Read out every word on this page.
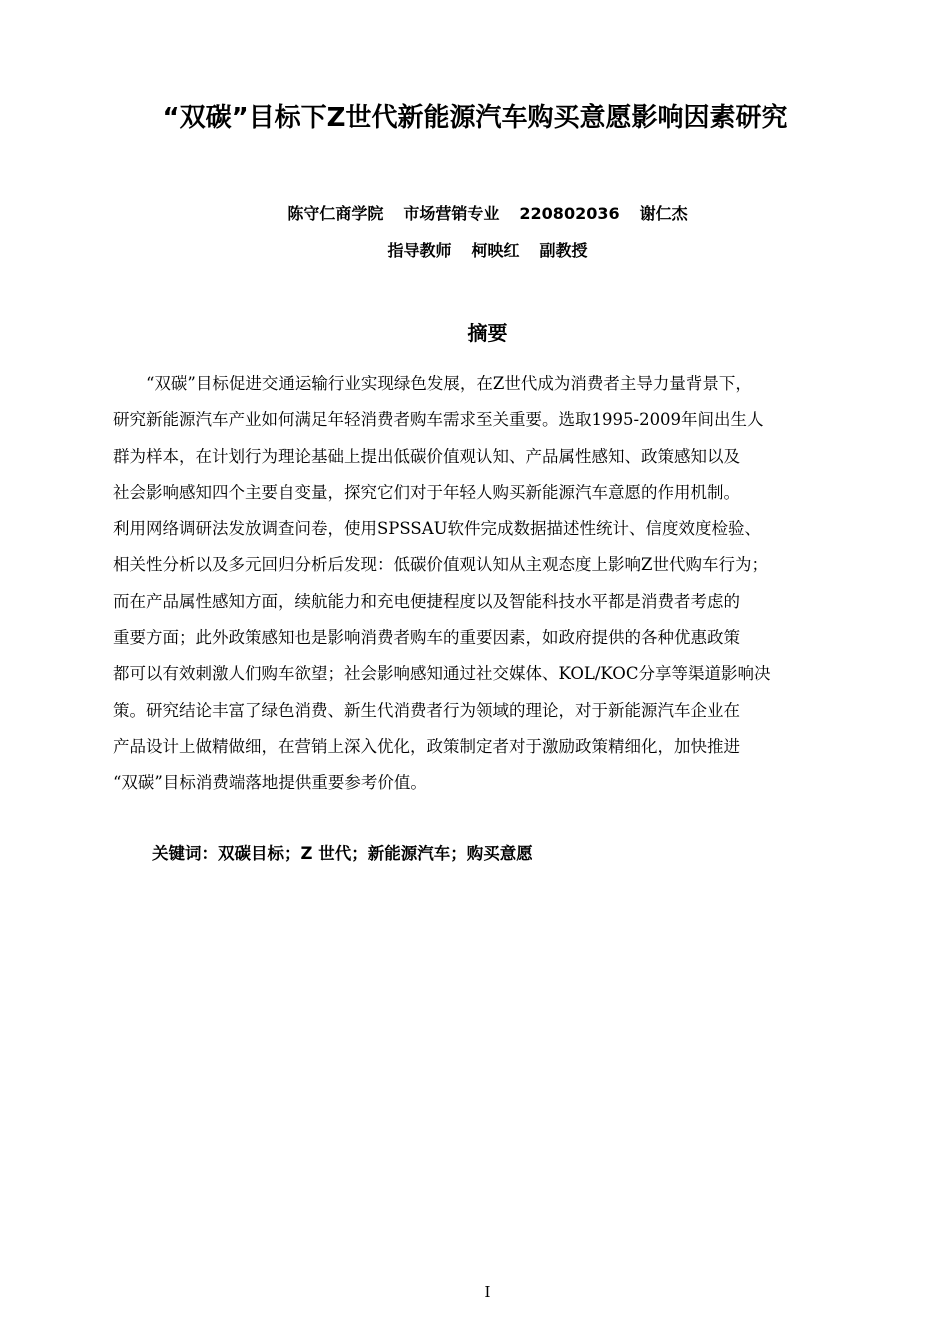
“双碳”目标下Z世代新能源汽车购买意愿影响因素研究
陈守仁商学院 市场营销专业 220802036 谢仁杰
指导教师 柯映红 副教授
摘要
“双碳”目标促进交通运输行业实现绿色发展，在Z世代成为消费者主导力量背景下，
研究新能源汽车产业如何满足年轻消费者购车需求至关重要。选取1995-2009年间出生人
群为样本，在计划行为理论基础上提出低碳价值观认知、产品属性感知、政策感知以及
社会影响感知四个主要自变量，探究它们对于年轻人购买新能源汽车意愿的作用机制。
利用网络调研法发放调查问卷，使用SPSSAU软件完成数据描述性统计、信度效度检验、
相关性分析以及多元回归分析后发现：低碳价值观认知从主观态度上影响Z世代购车行为；
而在产品属性感知方面，续航能力和充电便捷程度以及智能科技水平都是消费者考虑的
重要方面；此外政策感知也是影响消费者购车的重要因素，如政府提供的各种优惠政策
都可以有效刺激人们购车欲望；社会影响感知通过社交媒体、KOL/KOC分享等渠道影响决
策。研究结论丰富了绿色消费、新生代消费者行为领域的理论，对于新能源汽车企业在
产品设计上做精做细，在营销上深入优化，政策制定者对于激励政策精细化，加快推进
“双碳”目标消费端落地提供重要参考价值。
关键词：双碳目标；Z 世代；新能源汽车；购买意愿
I
